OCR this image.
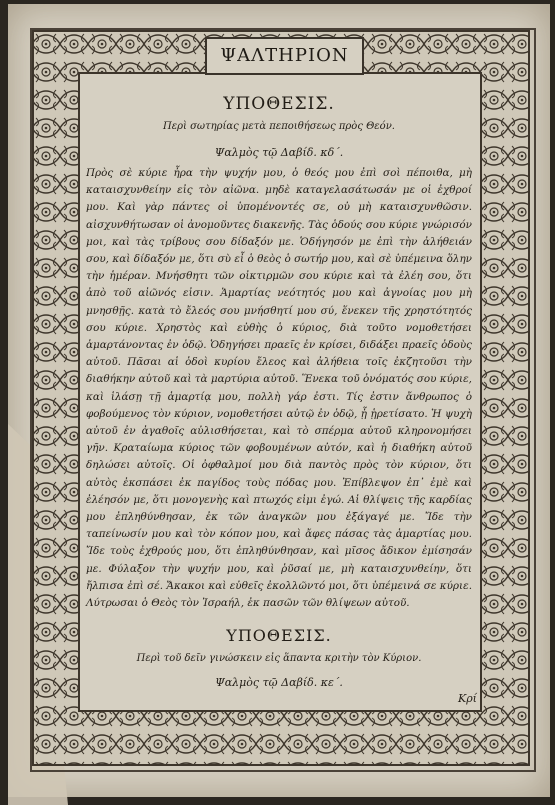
ΨΑΛΤΗΡΙΟΝ
ΥΠΟΘΕΣΙΣ.
Περὶ σωτηρίας μετὰ πεποιθήσεως πρὸς Θεόν.
Ψαλμὸς τῷ Δαβίδ. κδ΄.

Πρὸς σὲ κύριε ἦρα τὴν ψυχήν μου, ὁ θεός μου ἐπὶ σοὶ πέποιθα, μὴ καταισχυνθείην εἰς τὸν αἰῶνα. μηδὲ καταγελασάτωσάν με οἱ ἐχθροί μου. Καὶ γὰρ πάντες οἱ ὑπομένοντές σε, οὐ μὴ καταισχυνθῶσιν. αἰσχυνθήτωσαν οἱ ἀνομοῦντες διακενῆς. Τὰς ὁδούς σου κύριε γνώρισόν μοι, καὶ τὰς τρίβους σου δίδαξόν με. Ὁδήγησόν με ἐπὶ τὴν ἀλήθειάν σου, καὶ δίδαξόν με, ὅτι σὺ εἶ ὁ θεὸς ὁ σωτήρ μου, καὶ σὲ ὑπέμεινα ὅλην τὴν ἡμέραν. Μνήσθητι τῶν οἰκτιρμῶν σου κύριε καὶ τὰ ἐλέη σου, ὅτι ἀπὸ τοῦ αἰῶνός εἰσιν. Ἁμαρτίας νεότητός μου καὶ ἀγνοίας μου μὴ μνησθῇς. κατὰ τὸ ἔλεός σου μνήσθητί μου σύ, ἕνεκεν τῆς χρηστότητός σου κύριε. Χρηστὸς καὶ εὐθὴς ὁ κύριος, διὰ τοῦτο νομοθετήσει ἁμαρτάνοντας ἐν ὁδῷ. Ὁδηγήσει πραεῖς ἐν κρίσει, διδάξει πραεῖς ὁδοὺς αὐτοῦ. Πᾶσαι αἱ ὁδοὶ κυρίου ἔλεος καὶ ἀλήθεια τοῖς ἐκζητοῦσι τὴν διαθήκην αὐτοῦ καὶ τὰ μαρτύρια αὐτοῦ. Ἕνεκα τοῦ ὀνόματός σου κύριε, καὶ ἱλάσῃ τῇ ἁμαρτίᾳ μου, πολλὴ γάρ ἐστι. Τίς ἐστιν ἄνθρωπος ὁ φοβούμενος τὸν κύριον, νομοθετήσει αὐτῷ ἐν ὁδῷ, ᾗ ᾑρετίσατο. Ἡ ψυχὴ αὐτοῦ ἐν ἀγαθοῖς αὐλισθήσεται, καὶ τὸ σπέρμα αὐτοῦ κληρονομήσει γῆν. Κραταίωμα κύριος τῶν φοβουμένων αὐτόν, καὶ ἡ διαθήκη αὐτοῦ δηλώσει αὐτοῖς. Οἱ ὀφθαλμοί μου διὰ παντὸς πρὸς τὸν κύριον, ὅτι αὐτὸς ἐκσπάσει ἐκ παγίδος τοὺς πόδας μου. Ἐπίβλεψον ἐπ᾽ ἐμὲ καὶ ἐλέησόν με, ὅτι μονογενὴς καὶ πτωχός εἰμι ἐγώ. Αἱ θλίψεις τῆς καρδίας μου ἐπληθύνθησαν, ἐκ τῶν ἀναγκῶν μου ἐξάγαγέ με. Ἴδε τὴν ταπείνωσίν μου καὶ τὸν κόπον μου, καὶ ἄφες πάσας τὰς ἁμαρτίας μου. Ἴδε τοὺς ἐχθρούς μου, ὅτι ἐπληθύνθησαν, καὶ μῖσος ἄδικον ἐμίσησάν με. Φύλαξον τὴν ψυχήν μου, καὶ ῥῦσαί με, μὴ καταισχυνθείην, ὅτι ἤλπισα ἐπὶ σέ. Ἄκακοι καὶ εὐθεῖς ἐκολλῶντό μοι, ὅτι ὑπέμεινά σε κύριε. Λύτρωσαι ὁ Θεὸς τὸν Ἰσραήλ, ἐκ πασῶν τῶν θλίψεων αὐτοῦ.

ΥΠΟΘΕΣΙΣ.
Περὶ τοῦ δεῖν γινώσκειν εἰς ἅπαντα κριτὴν τὸν Κύριον.
Ψαλμὸς τῷ Δαβίδ. κε΄.
Κρί
